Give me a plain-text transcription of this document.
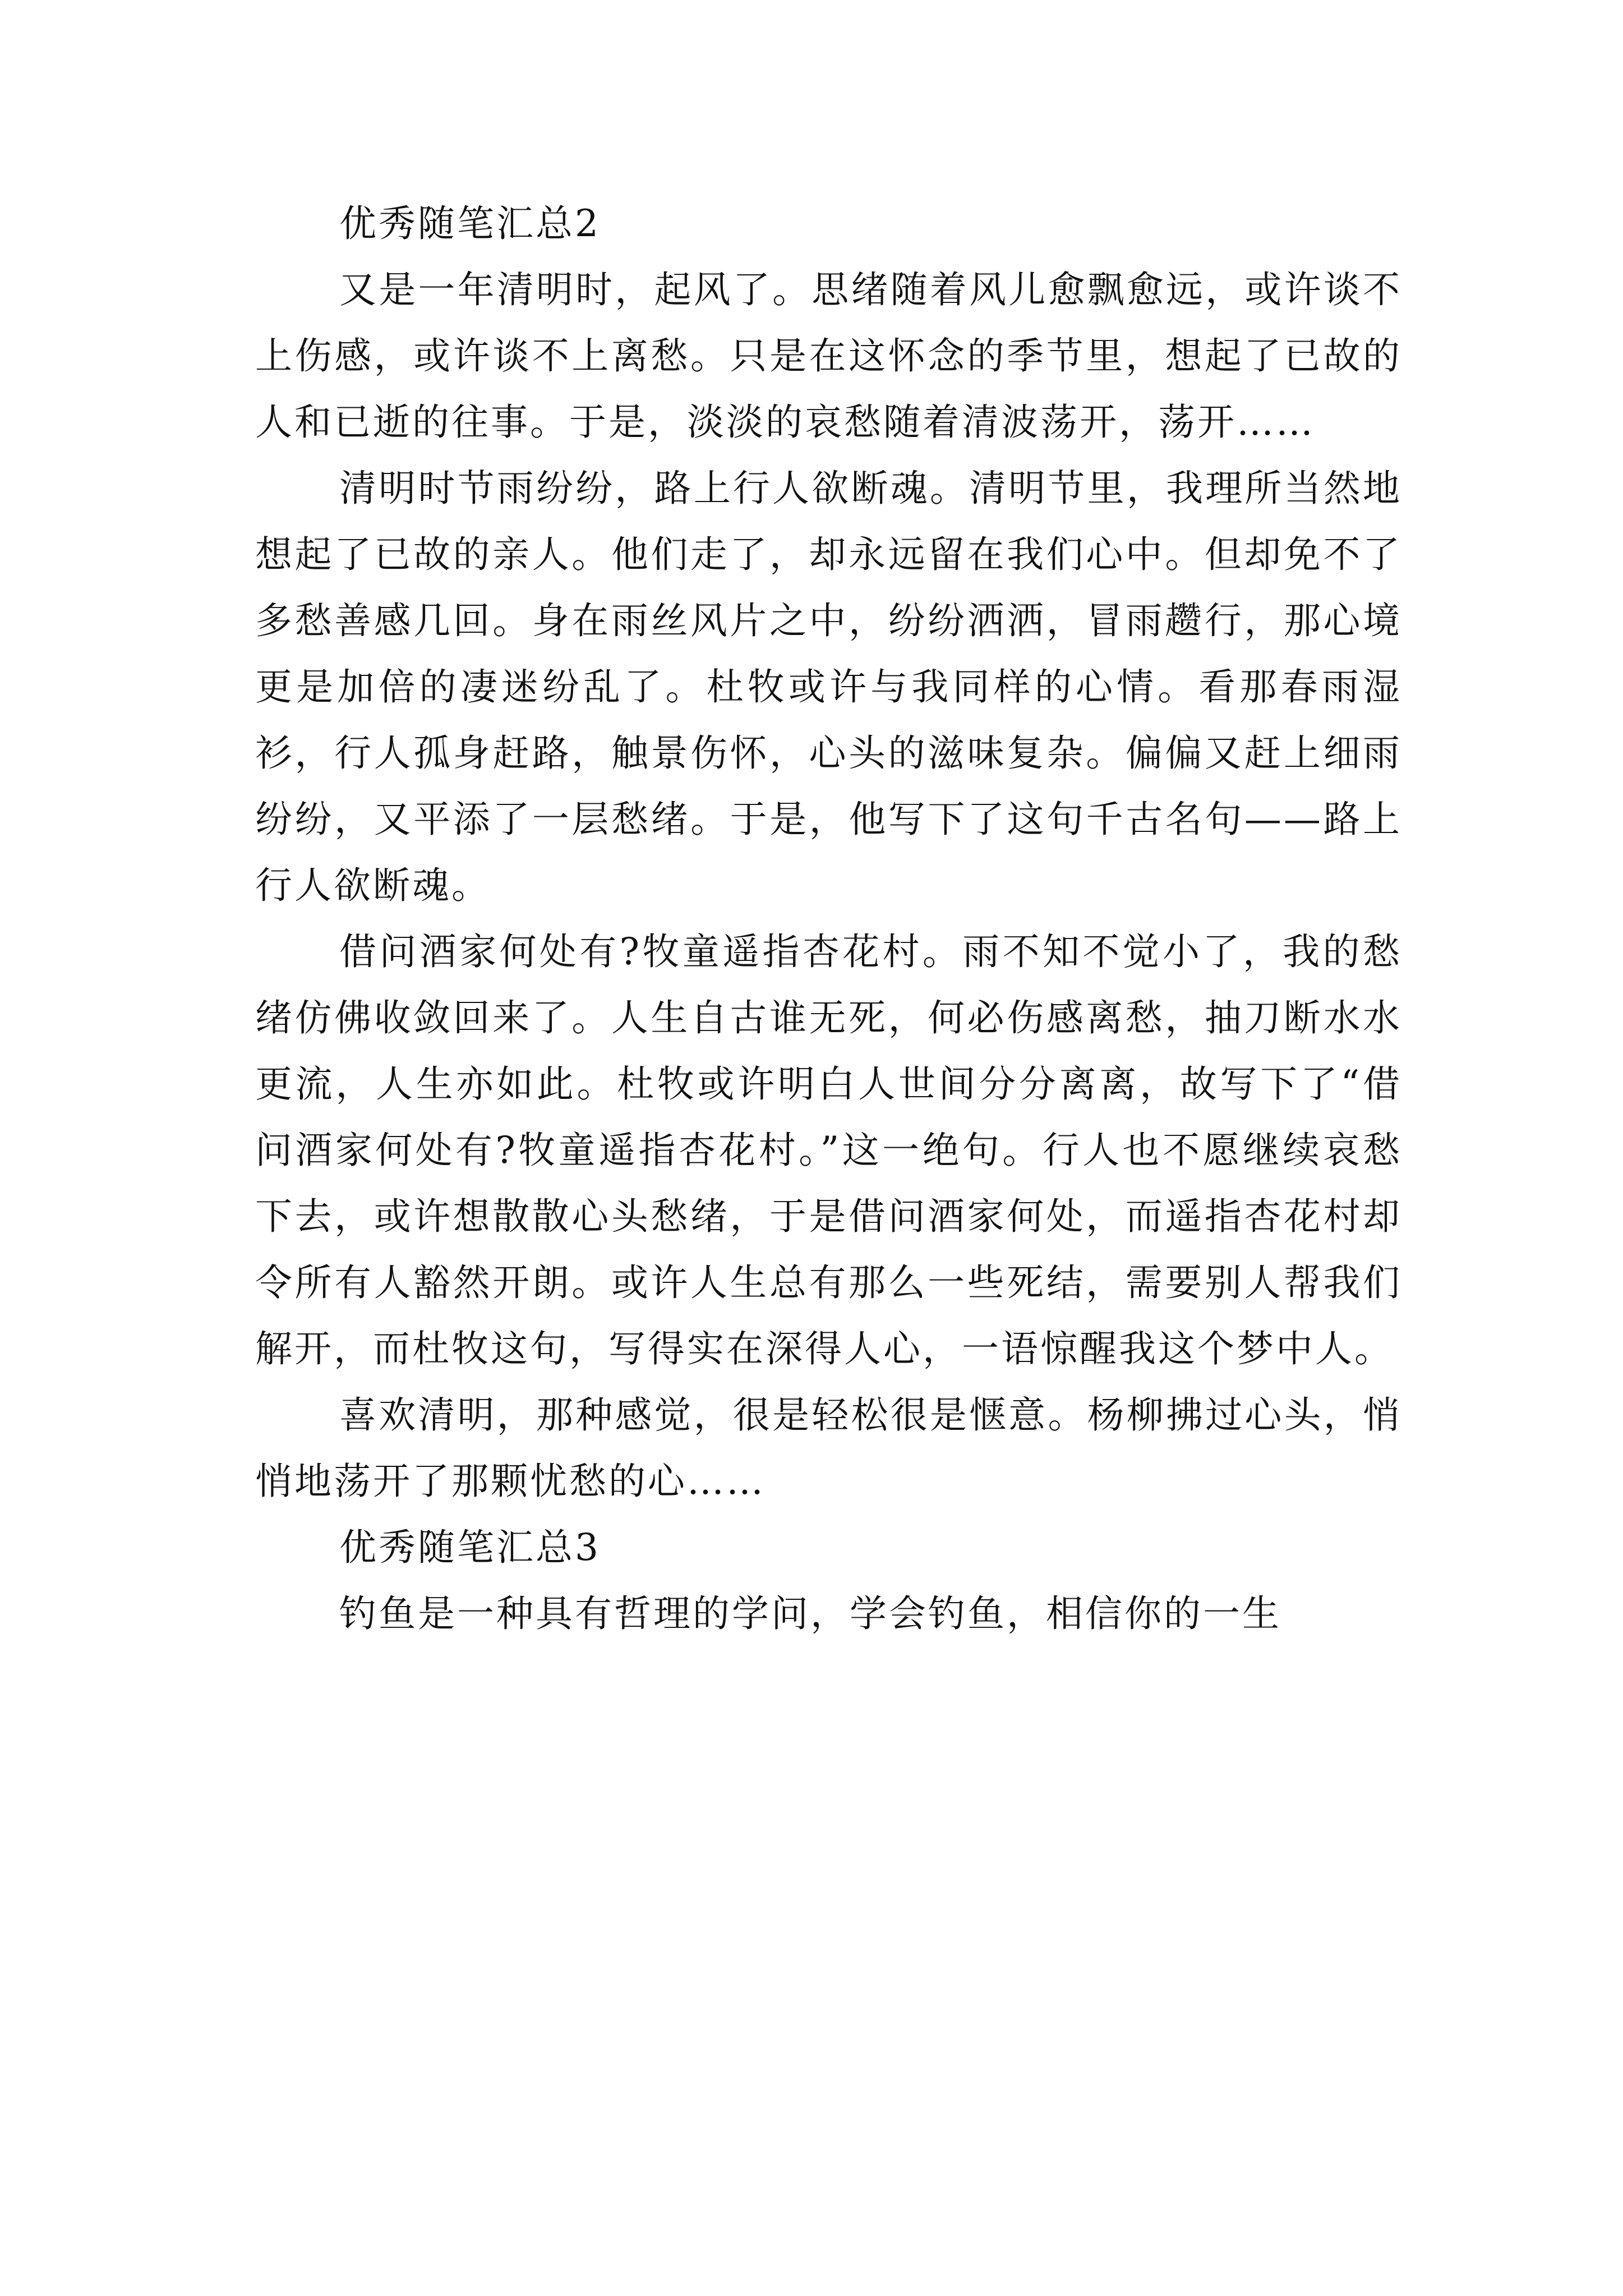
优秀随笔汇总2

又是一年清明时，起风了。思绪随着风儿愈飘愈远，或许谈不上伤感，或许谈不上离愁。只是在这怀念的季节里，想起了已故的人和已逝的往事。于是，淡淡的哀愁随着清波荡开，荡开……

清明时节雨纷纷，路上行人欲断魂。清明节里，我理所当然地想起了已故的亲人。他们走了，却永远留在我们心中。但却免不了多愁善感几回。身在雨丝风片之中，纷纷洒洒，冒雨趱行，那心境更是加倍的凄迷纷乱了。杜牧或许与我同样的心情。看那春雨湿衫，行人孤身赶路，触景伤怀，心头的滋味复杂。偏偏又赶上细雨纷纷，又平添了一层愁绪。于是，他写下了这句千古名句——路上行人欲断魂。

借问酒家何处有?牧童遥指杏花村。雨不知不觉小了，我的愁绪仿佛收敛回来了。人生自古谁无死，何必伤感离愁，抽刀断水水更流，人生亦如此。杜牧或许明白人世间分分离离，故写下了“借问酒家何处有?牧童遥指杏花村。”这一绝句。行人也不愿继续哀愁下去，或许想散散心头愁绪，于是借问酒家何处，而遥指杏花村却令所有人豁然开朗。或许人生总有那么一些死结，需要别人帮我们解开，而杜牧这句，写得实在深得人心，一语惊醒我这个梦中人。

喜欢清明，那种感觉，很是轻松很是惬意。杨柳拂过心头，悄悄地荡开了那颗忧愁的心……

优秀随笔汇总3

钓鱼是一种具有哲理的学问，学会钓鱼，相信你的一生
